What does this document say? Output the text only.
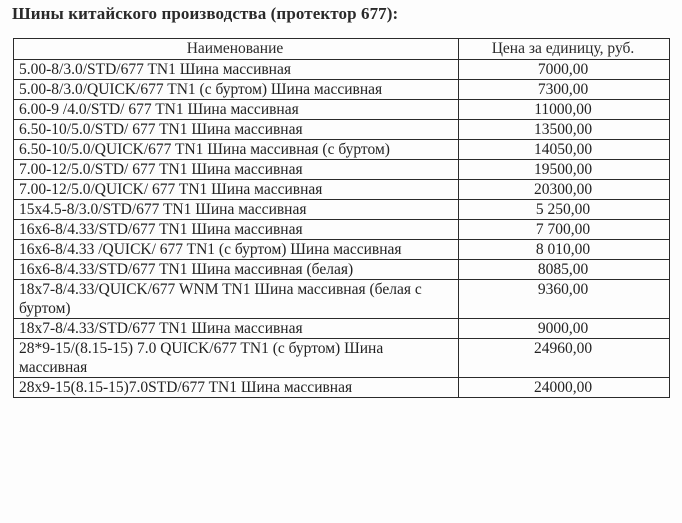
Шины китайского производства (протектор 677):
Наименование	Цена за единицу, руб.
5.00-8/3.0/STD/677 TN1 Шина массивная	7000,00
5.00-8/3.0/QUICK/677 TN1 (с буртом) Шина массивная	7300,00
6.00-9 /4.0/STD/ 677 TN1 Шина массивная	11000,00
6.50-10/5.0/STD/ 677 TN1 Шина массивная	13500,00
6.50-10/5.0/QUICK/677 TN1 Шина массивная (с буртом)	14050,00
7.00-12/5.0/STD/ 677 TN1 Шина массивная	19500,00
7.00-12/5.0/QUICK/ 677 TN1 Шина массивная	20300,00
15x4.5-8/3.0/STD/677 TN1 Шина массивная	5 250,00
16x6-8/4.33/STD/677 TN1 Шина массивная	7 700,00
16x6-8/4.33 /QUICK/ 677 TN1 (с буртом) Шина массивная	8 010,00
16x6-8/4.33/STD/677 TN1 Шина массивная (белая)	8085,00
18x7-8/4.33/QUICK/677 WNM TN1 Шина массивная (белая с буртом)	9360,00
18x7-8/4.33/STD/677 TN1 Шина массивная	9000,00
28*9-15/(8.15-15) 7.0 QUICK/677 TN1 (с буртом) Шина массивная	24960,00
28x9-15(8.15-15)7.0STD/677 TN1 Шина массивная	24000,00
